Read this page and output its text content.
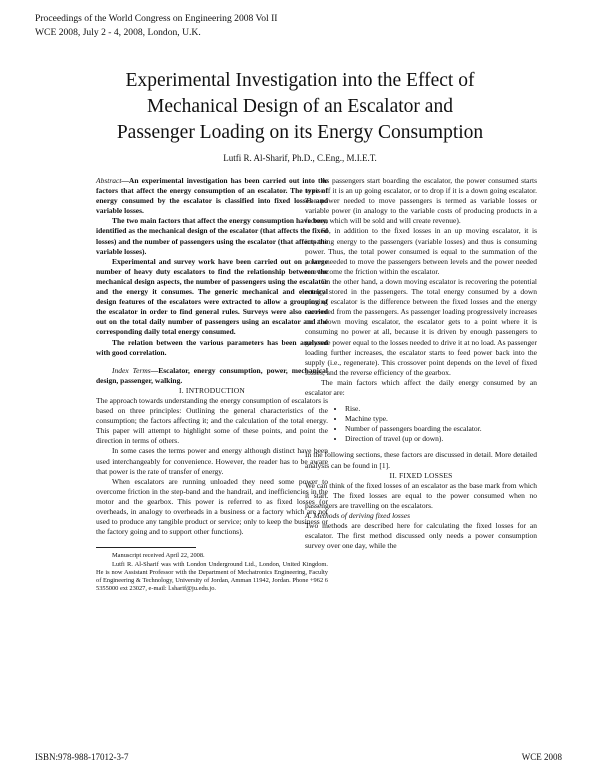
Proceedings of the World Congress on Engineering 2008 Vol II
WCE 2008, July 2 - 4, 2008, London, U.K.
Experimental Investigation into the Effect of
Mechanical Design of an Escalator and
Passenger Loading on its Energy Consumption
Lutfi R. Al-Sharif, Ph.D., C.Eng., M.I.E.T.

Abstract—An experimental investigation has been carried out into the factors that affect the energy consumption of an escalator. The type of energy consumed by the escalator is classified into fixed losses and variable losses.

The two main factors that affect the energy consumption have been identified as the mechanical design of the escalator (that affects the fixed losses) and the number of passengers using the escalator (that affects the variable losses).

Experimental and survey work have been carried out on a large number of heavy duty escalators to find the relationship between the mechanical design aspects, the number of passengers using the escalator and the energy it consumes. The generic mechanical and electrical design features of the escalators were extracted to allow a grouping of the escalator in order to find general rules. Surveys were also carried out on the total daily number of passengers using an escalator and the corresponding daily total energy consumed.

The relation between the various parameters has been analysed with good correlation.

Index Terms—Escalator, energy consumption, power, mechanical design, passenger, walking.

I. INTRODUCTION

The approach towards understanding the energy consumption of escalators is based on three principles: Outlining the general characteristics of the consumption; the factors affecting it; and the calculation of the total energy. This paper will attempt to highlight some of these points, and point the direction in terms of others.

In some cases the terms power and energy although distinct have been used interchangeably for convenience. However, the reader has to be aware that power is the rate of transfer of energy.

When escalators are running unloaded they need some power to overcome friction in the step-band and the handrail, and inefficiencies in the motor and the gearbox. This power is referred to as fixed losses (or overheads, in analogy to overheads in a business or a factory which are not used to produce any tangible product or service; only to keep the business or the factory going and to support other functions).

Manuscript received April 22, 2008.

Lutfi R. Al-Sharif was with London Underground Ltd., London, United Kingdom. He is now Assistant Professor with the Department of Mechatronics Engineering, Faculty of Engineering & Technology, University of Jordan, Amman 11942, Jordan. Phone +962 6 5355000 ext 23027, e-mail: l.sharif@ju.edu.jo.

As passengers start boarding the escalator, the power consumed starts to rise if it is an up going escalator, or to drop if it is a down going escalator. The power needed to move passengers is termed as variable losses or variable power (in analogy to the variable costs of producing products in a factory, which will be sold and will create revenue).

So, in addition to the fixed losses in an up moving escalator, it is imparting energy to the passengers (variable losses) and thus is consuming power. Thus, the total power consumed is equal to the summation of the power needed to move the passengers between levels and the power needed to overcome the friction within the escalator.

On the other hand, a down moving escalator is recovering the potential energy stored in the passengers. The total energy consumed by a down moving escalator is the difference between the fixed losses and the energy recovered from the passengers. As passenger loading progressively increases on a down moving escalator, the escalator gets to a point where it is consuming no power at all, because it is driven by enough passengers to generate power equal to the losses needed to drive it at no load. As passenger loading further increases, the escalator starts to feed power back into the supply (i.e., regenerate). This crossover point depends on the level of fixed losses, and the reverse efficiency of the gearbox.

The main factors which affect the daily energy consumed by an escalator are:

• Rise.
• Machine type.
• Number of passengers boarding the escalator.
• Direction of travel (up or down).

In the following sections, these factors are discussed in detail. More detailed analysis can be found in [1].

II. FIXED LOSSES

We can think of the fixed losses of an escalator as the base mark from which it start. The fixed losses are equal to the power consumed when no passengers are travelling on the escalators.

A. Methods of deriving fixed losses

Two methods are described here for calculating the fixed losses for an escalator. The first method discussed only needs a power consumption survey over one day, while the

ISBN:978-988-17012-3-7	WCE 2008
